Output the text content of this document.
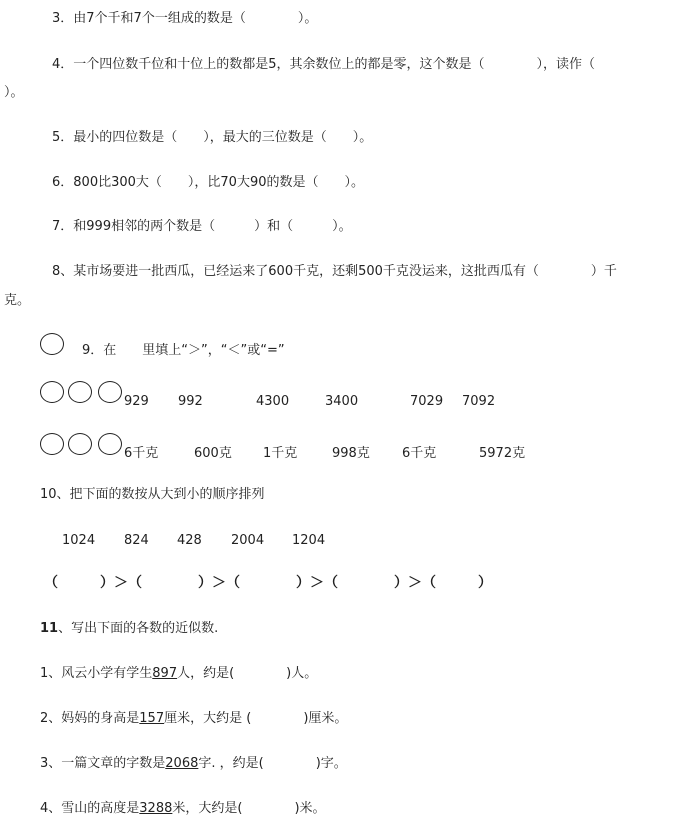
3．由7个千和7个一组成的数是（　　　　）。
4．一个四位数千位和十位上的数都是5，其余数位上的都是零，这个数是（　　　　），读作（
）。
5．最小的四位数是（　　），最大的三位数是（　　）。
6．800比300大（　　），比70大90的数是（　　）。
7．和999相邻的两个数是（　　　）和（　　　）。
8、某市场要进一批西瓜，已经运来了600千克，还剩500千克没运来，这批西瓜有（　　　　）千
克。
9．在　　里填上“＞”，“＜”或“=”
929 992	4300	3400	7029 7092
6千克	600克 1千克	998克 6千克	5972克
10、把下面的数按从大到小的顺序排列
1024 824 428 2004 1204
（　　　）＞（　　　　）＞（　　　　）＞（　　　　）＞（　　　）
11、写出下面的各数的近似数.
1、风云小学有学生897人，约是(　　　　)人。
2、妈妈的身高是157厘米，大约是 (　　　　)厘米。
3、一篇文章的字数是2068字. ，约是(　　　　)字。
4、雪山的高度是3288米，大约是(　　　　)米。
